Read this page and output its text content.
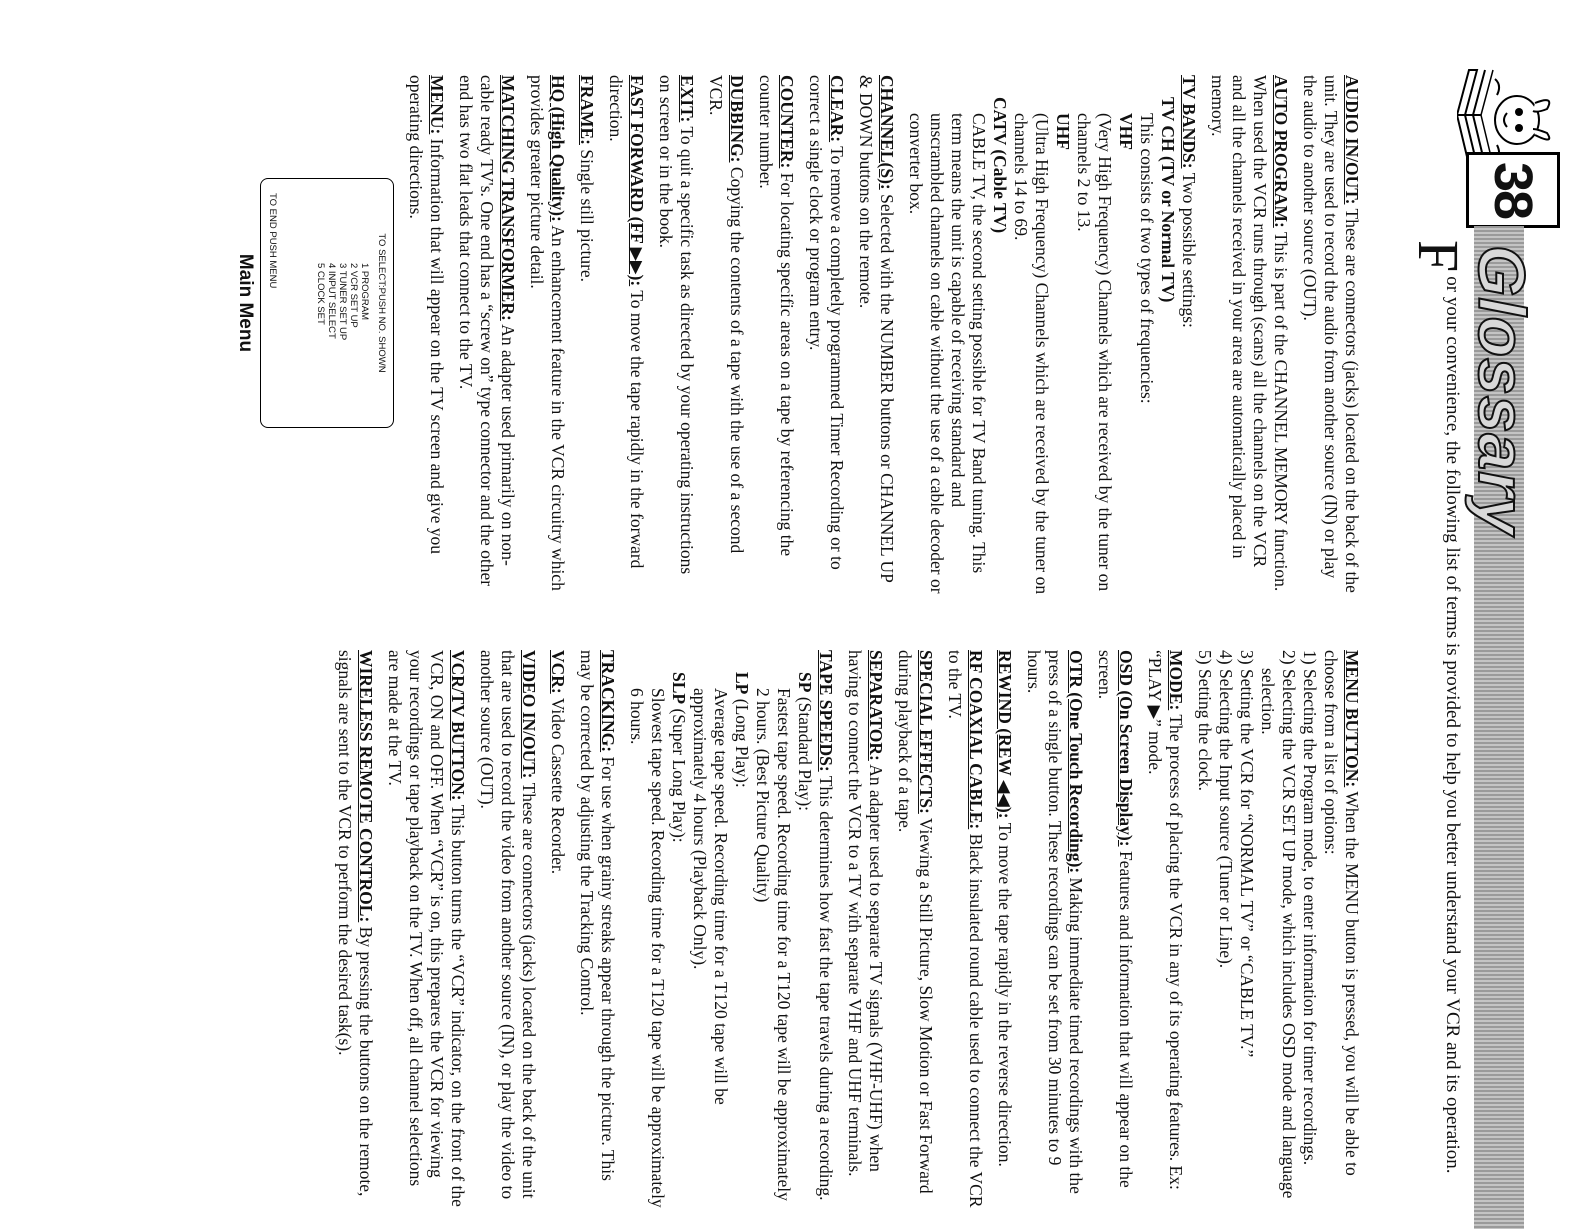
38
Glossary
F
or your convenience, the following list of terms is provided to help you better understand your VCR and its operation.
AUDIO IN/OUT: These are connectors (jacks) located on the back of the unit. They are used to record the audio from another source (IN) or play the audio to another source (OUT).
AUTO PROGRAM: This is part of the CHANNEL MEMORY function. When used the VCR runs through (scans) all the channels on the VCR and all the channels received in your area are automatically placed in memory.
TV BANDS: Two possible settings:
TV CH (TV or Normal TV)
This consists of two types of frequencies:
VHF
(Very High Frequency) Channels which are received by the tuner on channels 2 to 13.
UHF
(Ultra High Frequency) Channels which are received by the tuner on channels 14 to 69.
CATV (Cable TV)
CABLE TV, the second setting possible for TV Band tuning. This term means the unit is capable of receiving standard and unscrambled channels on cable without the use of a cable decoder or converter box.
CHANNEL(S): Selected with the NUMBER buttons or CHANNEL UP & DOWN buttons on the remote.
CLEAR: To remove a completely programmed Timer Recording or to correct a single clock or program entry.
COUNTER: For locating specific areas on a tape by referencing the counter number.
DUBBING: Copying the contents of a tape with the use of a second VCR.
EXIT: To quit a specific task as directed by your operating instructions on screen or in the book.
FAST FORWARD (FF ▶▶): To move the tape rapidly in the forward direction.
FRAME: Single still picture.
HQ (High Quality): An enhancement feature in the VCR circuitry which provides greater picture detail.
MATCHING TRANSFORMER: An adapter used primarily on non-cable ready TV's. One end has a “screw on” type connector and the other end has two flat leads that connect to the TV.
MENU: Information that will appear on the TV screen and give you operating directions.
TO SELECT:PUSH NO. SHOWN
1 PROGRAM
2 VCR SET UP
3 TUNER SET UP
4 INPUT SELECT
5 CLOCK SET
TO END PUSH MENU
Main Menu
MENU BUTTON: When the MENU button is pressed, you will be able to choose from a list of options:
1) Selecting the Program mode, to enter information for timer recordings.
2) Selecting the VCR SET UP mode, which includes OSD mode and language selection.
3) Setting the VCR for “NORMAL TV” or “CABLE TV.”
4) Selecting the Input source (Tuner or Line).
5) Setting the clock.
MODE: The process of placing the VCR in any of its operating features. Ex: “PLAY ▶” mode.
OSD (On Screen Display): Features and information that will appear on the screen.
OTR (One Touch Recording): Making immediate timed recordings with the press of a single button. These recordings can be set from 30 minutes to 9 hours.
REWIND (REW ◀◀): To move the tape rapidly in the reverse direction.
RF COAXIAL CABLE: Black insulated round cable used to connect the VCR to the TV.
SPECIAL EFFECTS: Viewing a Still Picture, Slow Motion or Fast Forward during playback of a tape.
SEPARATOR: An adapter used to separate TV signals (VHF-UHF) when having to connect the VCR to a TV with separate VHF and UHF terminals.
TAPE SPEEDS: This determines how fast the tape travels during a recording.
SP (Standard Play):
Fastest tape speed. Recording time for a T120 tape will be approximately 2 hours. (Best Picture Quality)
LP (Long Play):
Average tape speed. Recording time for a T120 tape will be approximately 4 hours (Playback Only).
SLP (Super Long Play):
Slowest tape speed. Recording time for a T120 tape will be approximately 6 hours.
TRACKING: For use when grainy streaks appear through the picture. This may be corrected by adjusting the Tracking Control.
VCR: Video Cassette Recorder.
VIDEO IN/OUT: These are connectors (jacks) located on the back of the unit that are used to record the video from another source (IN), or play the video to another source (OUT).
VCR/TV BUTTON: This button turns the “VCR” indicator, on the front of the VCR, ON and OFF. When “VCR” is on, this prepares the VCR for viewing your recordings or tape playback on the TV. When off, all channel selections are made at the TV.
WIRELESS REMOTE CONTROL: By pressing the buttons on the remote, signals are sent to the VCR to perform the desired task(s).
